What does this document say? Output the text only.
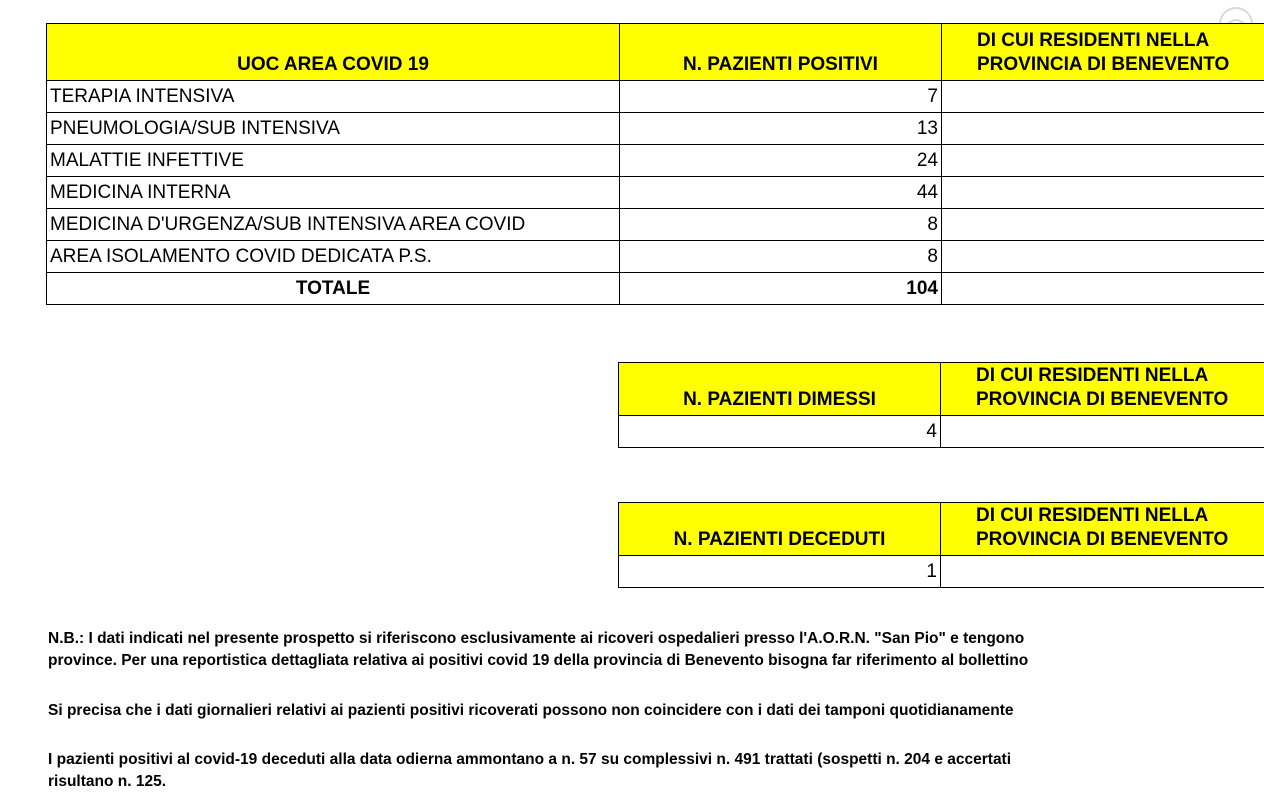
UOC AREA COVID 19	N. PAZIENTI POSITIVI	DI CUI RESIDENTI NELLA
PROVINCIA DI BENEVENTO

TERAPIA INTENSIVA	7	
PNEUMOLOGIA/SUB INTENSIVA	13	
MALATTIE INFETTIVE	24	
MEDICINA INTERNA	44	
MEDICINA D'URGENZA/SUB INTENSIVA AREA COVID	8	
AREA ISOLAMENTO COVID DEDICATA P.S.	8	
TOTALE	104	
N. PAZIENTI DIMESSI	DI CUI RESIDENTI NELLA
PROVINCIA DI BENEVENTO

4	
N. PAZIENTI DECEDUTI	DI CUI RESIDENTI NELLA
PROVINCIA DI BENEVENTO

1	
N.B.: I dati indicati nel presente prospetto si riferiscono esclusivamente ai ricoveri ospedalieri presso l'A.O.R.N. "San Pio" e tengono
province. Per una reportistica dettagliata relativa ai positivi covid 19 della provincia di Benevento bisogna far riferimento al bollettino
Si precisa che i dati giornalieri relativi ai pazienti positivi ricoverati possono non coincidere con i dati dei tamponi quotidianamente
I pazienti positivi al covid-19 deceduti alla data odierna ammontano a n. 57 su complessivi n. 491 trattati (sospetti n. 204 e accertati
risultano n. 125.
